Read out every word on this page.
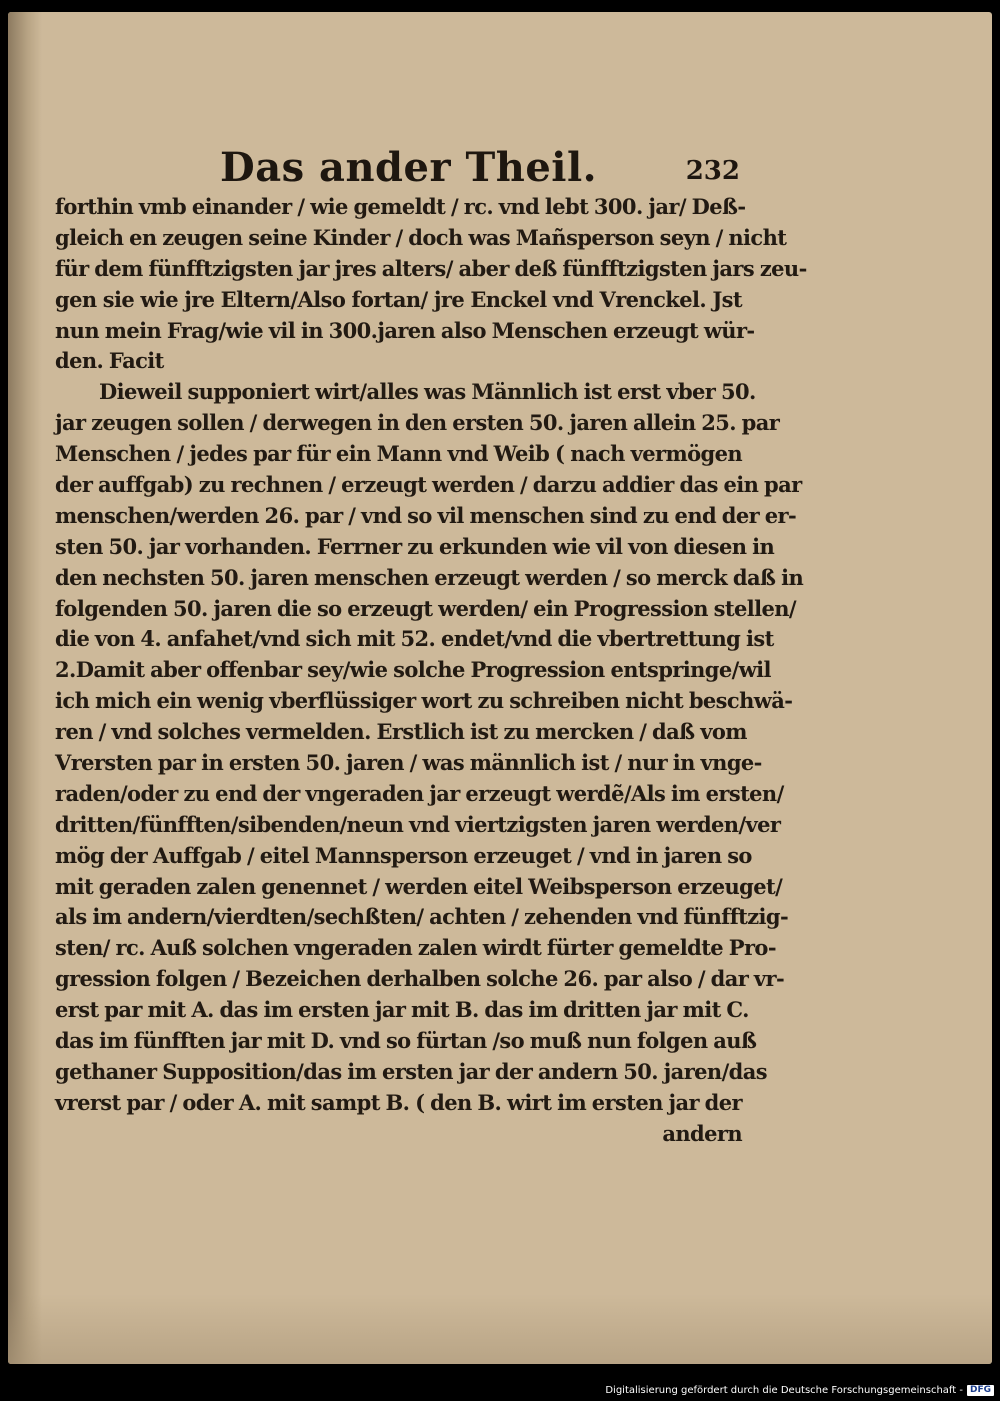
Das ander Theil.	232
forthin vmb einander / wie gemeldt / rc. vnd lebt 300. jar/ Deß-
gleich en zeugen seine Kinder / doch was Mañsperson seyn / nicht
für dem fünfftzigsten jar jres alters/ aber deß fünfftzigsten jars zeu-
gen sie wie jre Eltern/Also fortan/ jre Enckel vnd Vrenckel. Jst
nun mein Frag/wie vil in 300.jaren also Menschen erzeugt wür-
den. Facit
Dieweil supponiert wirt/alles was Männlich ist erst vber 50.
jar zeugen sollen / derwegen in den ersten 50. jaren allein 25. par
Menschen / jedes par für ein Mann vnd Weib ( nach vermögen
der auffgab) zu rechnen / erzeugt werden / darzu addier das ein par
menschen/werden 26. par / vnd so vil menschen sind zu end der er-
sten 50. jar vorhanden. Ferrner zu erkunden wie vil von diesen in
den nechsten 50. jaren menschen erzeugt werden / so merck daß in
folgenden 50. jaren die so erzeugt werden/ ein Progression stellen/
die von 4. anfahet/vnd sich mit 52. endet/vnd die vbertrettung ist
2.Damit aber offenbar sey/wie solche Progression entspringe/wil
ich mich ein wenig vberflüssiger wort zu schreiben nicht beschwä-
ren / vnd solches vermelden. Erstlich ist zu mercken / daß vom
Vrersten par in ersten 50. jaren / was männlich ist / nur in vnge-
raden/oder zu end der vngeraden jar erzeugt werdẽ/Als im ersten/
dritten/fünfften/sibenden/neun vnd viertzigsten jaren werden/ver
mög der Auffgab / eitel Mannsperson erzeuget / vnd in jaren so
mit geraden zalen genennet / werden eitel Weibsperson erzeuget/
als im andern/vierdten/sechßten/ achten / zehenden vnd fünfftzig-
sten/ rc. Auß solchen vngeraden zalen wirdt fürter gemeldte Pro-
gression folgen / Bezeichen derhalben solche 26. par also / dar vr-
erst par mit A. das im ersten jar mit B. das im dritten jar mit C.
das im fünfften jar mit D. vnd so fürtan /so muß nun folgen auß
gethaner Supposition/das im ersten jar der andern 50. jaren/das
vrerst par / oder A. mit sampt B. ( den B. wirt im ersten jar der
andern
Digitalisierung gefördert durch die Deutsche Forschungsgemeinschaft - DFG
